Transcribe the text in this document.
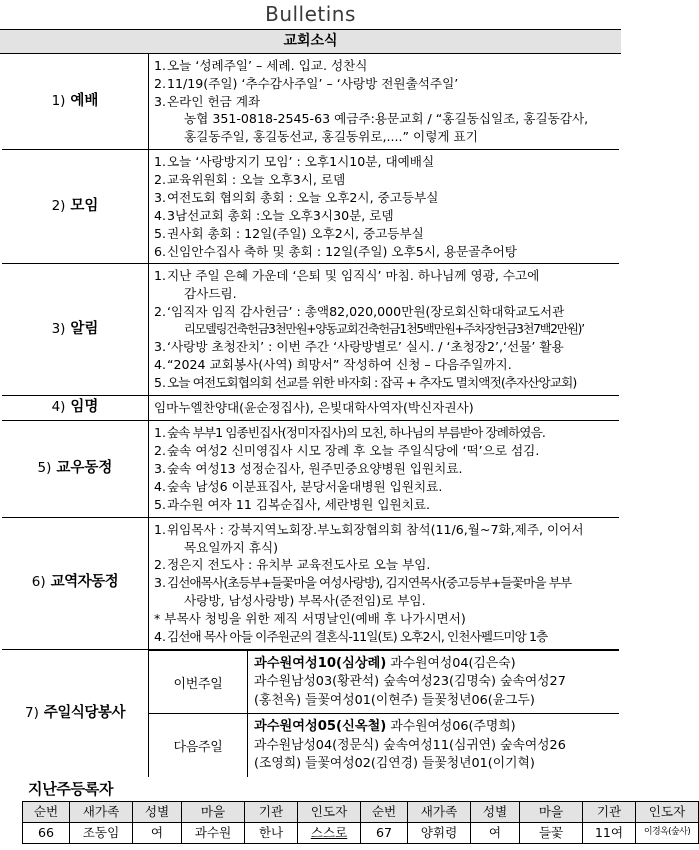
Bulletins
교회소식
1) 예배

1.오늘 ‘성례주일’ – 세례. 입교. 성찬식
2.11/19(주일) ‘추수감사주일’ – ‘사랑방 전원출석주일’
3.온라인 헌금 계좌
농협 351-0818-2545-63 예금주:용문교회 / “홍길동십일조, 홍길동감사,
홍길동주일, 홍길동선교, 홍길동위로,....” 이렇게 표기

2) 모임

1.오늘 ‘사랑방지기 모임’ : 오후1시10분, 대예배실
2.교육위원회 : 오늘 오후3시, 로뎀
3.여전도회 협의회 총회 : 오늘 오후2시, 중고등부실
4.3남선교회 총회 :오늘 오후3시30분, 로뎀
5.권사회 총회 : 12일(주일) 오후2시, 중고등부실
6.신임안수집사 축하 및 총회 : 12일(주일) 오후5시, 용문골추어탕

3) 알림

1.지난 주일 은혜 가운데 ‘은퇴 및 임직식’ 마침. 하나님께 영광, 수고에
감사드림.
2.‘임직자 임직 감사헌금’ : 총액82,020,000만원(장로회신학대학교도서관
리모델링건축헌금3천만원+양동교회건축헌금1천5백만원+주차장헌금3천7백2만원)’
3.‘사랑방 초청잔치’ : 이번 주간 ‘사랑방별로’ 실시. / ‘초청장2’,‘선물’ 활용
4.“2024 교회봉사(사역) 희망서” 작성하여 신청 – 다음주일까지.
5.오늘 여전도회협의회 선교를 위한 바자회 : 잡곡 + 추자도 멸치액젓(추자산앙교회)

4) 임명	임마누엘찬양대(윤순정집사), 은빛대학사역자(박신자권사)

5) 교우동정

1.숲속 부부1 임종빈집사(정미자집사)의 모친, 하나님의 부름받아 장례하였음.
2.숲속 여성2 신미영집사 시모 장례 후 오늘 주일식당에 ‘떡’으로 섬김.
3.숲속 여성13 성정순집사, 원주민중요양병원 입원치료.
4.숲속 남성6 이분표집사, 분당서울대병원 입원치료.
5.과수원 여자 11 김복순집사, 세란병원 입원치료.

6) 교역자동정

1.위임목사 : 강북지역노회장.부노회장협의회 참석(11/6,월~7화,제주, 이어서
목요일까지 휴식)
2.정은지 전도사 : 유치부 교육전도사로 오늘 부임.
3.김선애목사(초등부+들꽃마을 여성사랑방), 김지연목사(중고등부+들꽃마을 부부
사랑방, 남성사랑방) 부목사(준전임)로 부임.
* 부목사 청빙을 위한 제직 서명날인(예배 후 나가시면서)
4.김선애 목사 아들 이주원군의 결혼식-11일(토) 오후2시, 인천사펠드미앙 1층

7) 주일식당봉사

이번주일	
과수원여성10(심상례) 과수원여성04(김은숙)
과수원남성03(황관석) 숲속여성23(김명숙) 숲속여성27
(홍천옥) 들꽃여성01(이현주) 들꽃청년06(윤그두)

다음주일	
과수원여성05(신옥철) 과수원여성06(주명희)
과수원남성04(정문식) 숲속여성11(심귀연) 숲속여성26
(조영희) 들꽃여성02(김연경) 들꽃청년01(이기혁)
지난주등록자
순번	새가족	성별	마을	기관	인도자	순번	새가족	성별	마을	기관	인도자
66	조동임	여	과수원	한나	스스로	67	양휘령	여	들꽃	11여	이경옥(숲사)
